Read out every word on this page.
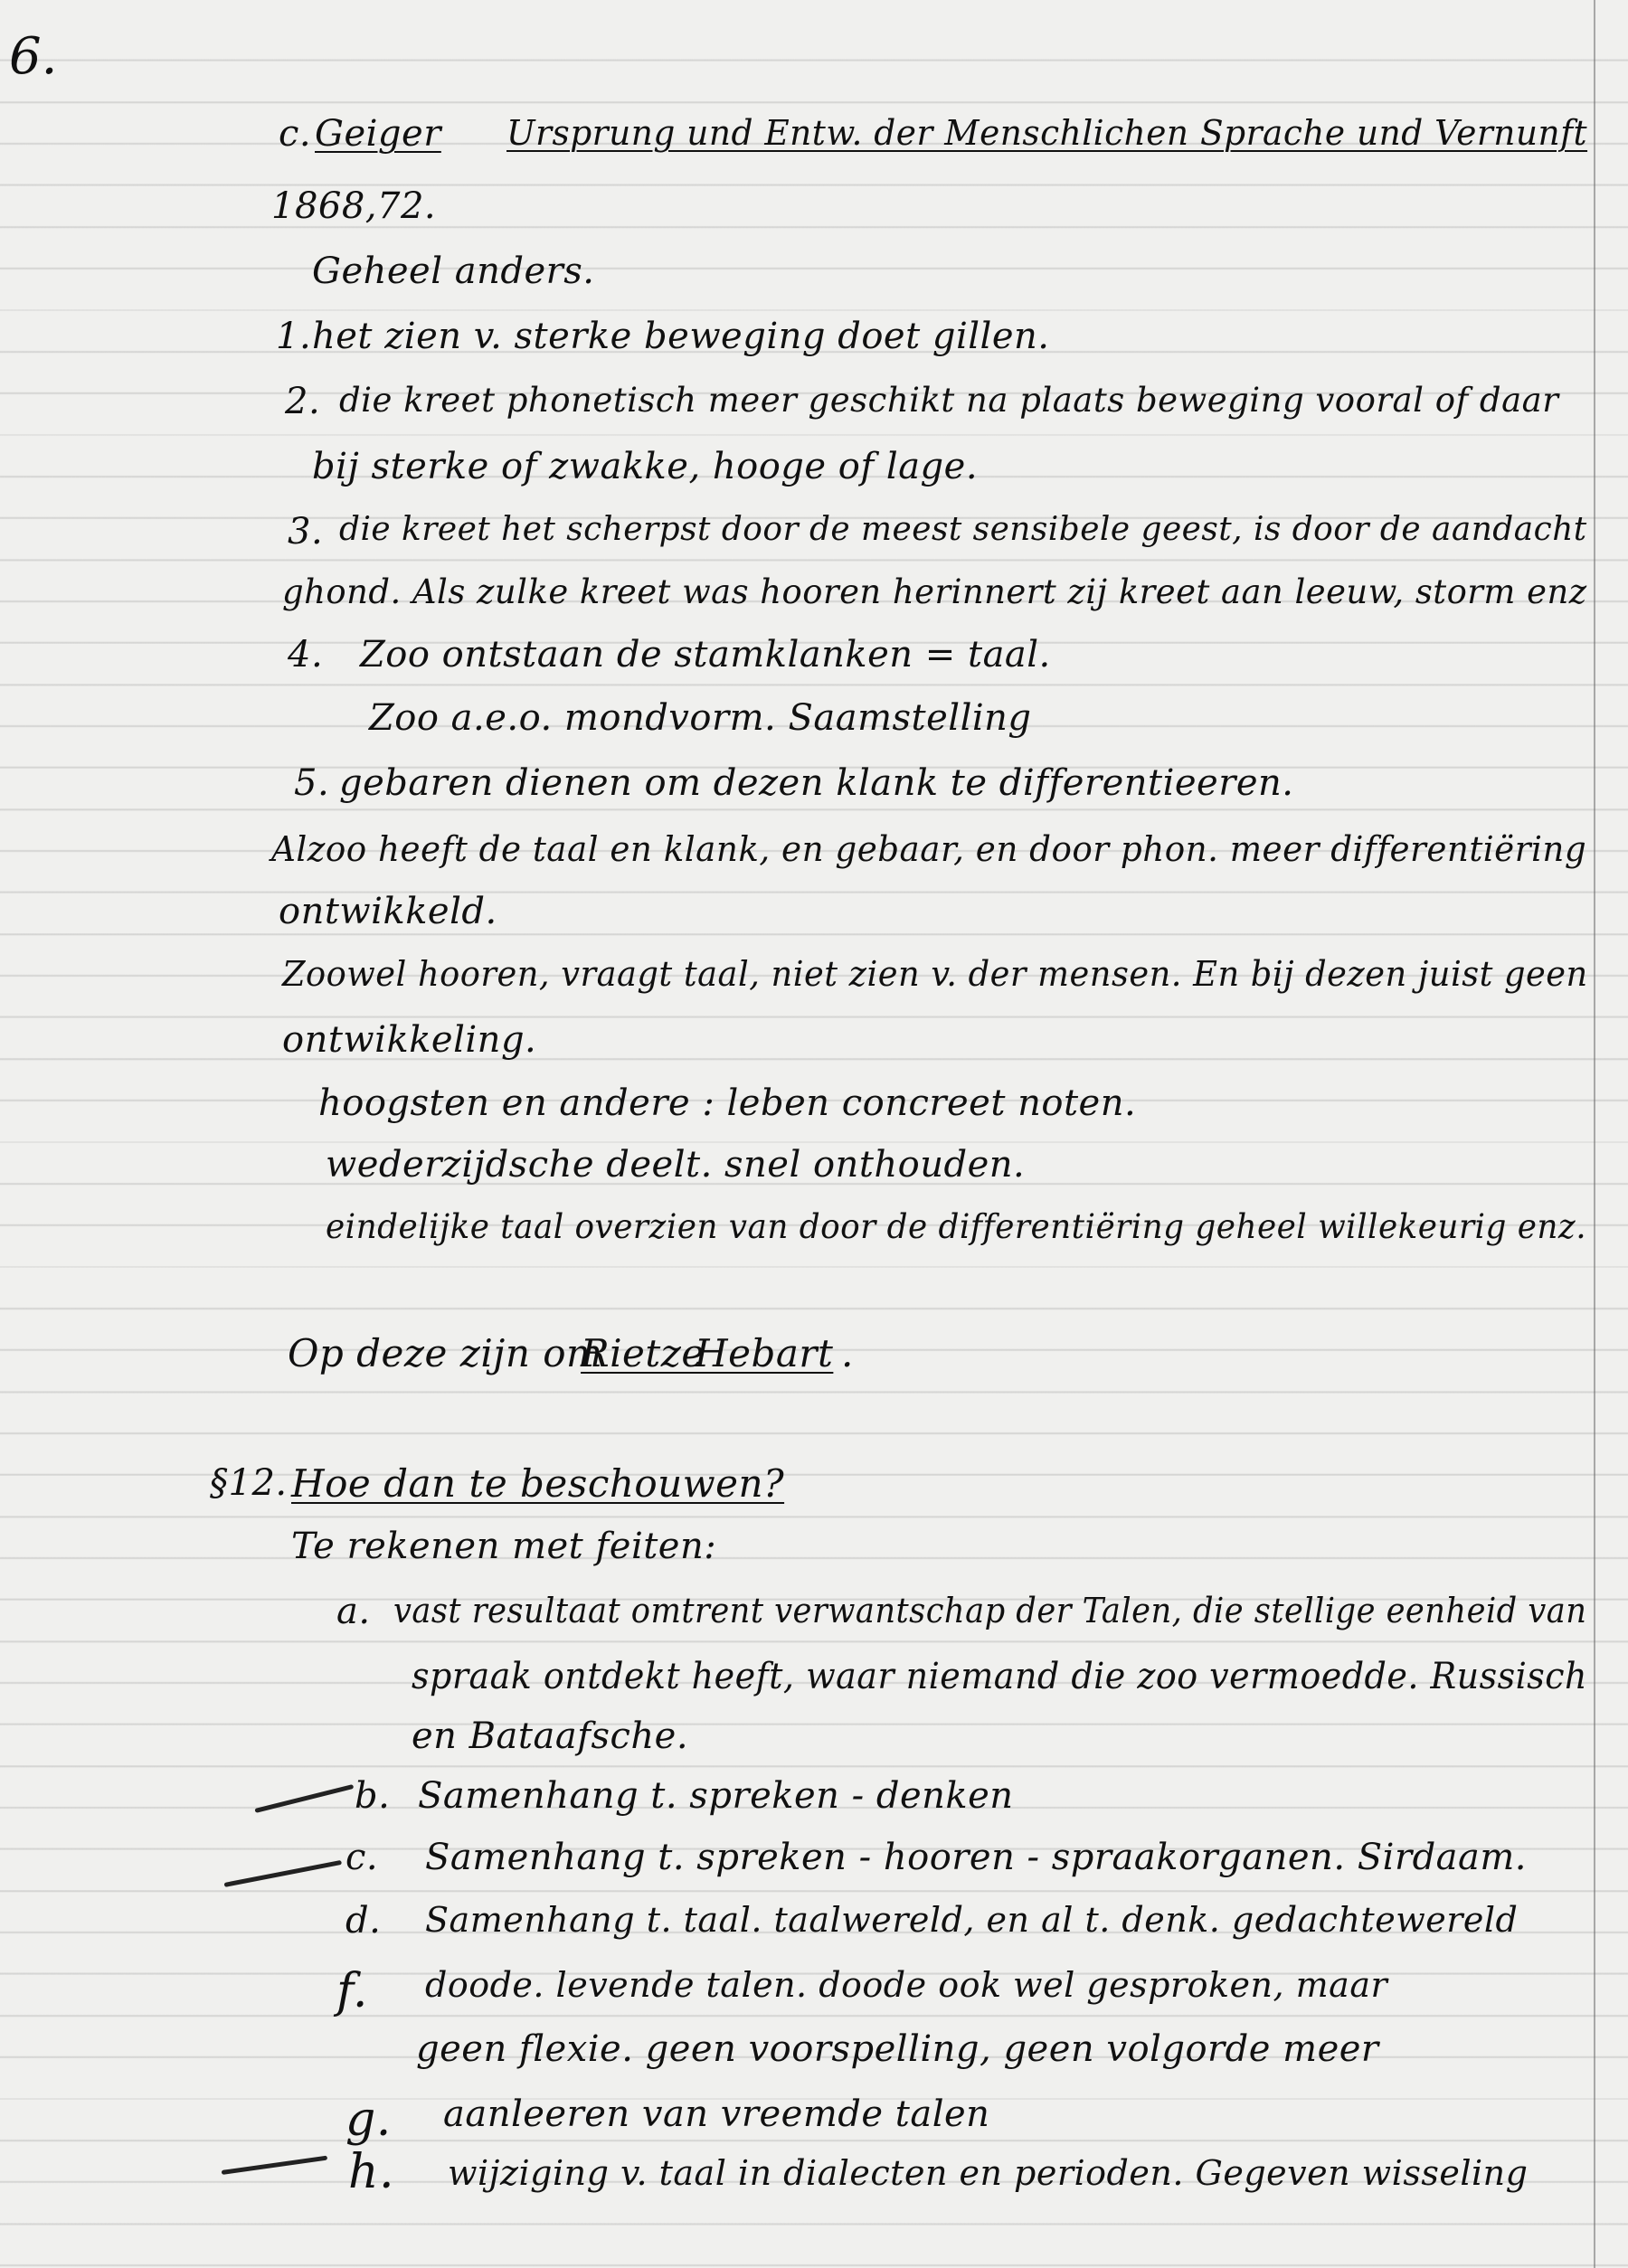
6.
c. Geiger Ursprung und Entw. der Menschlichen Sprache und Vernunft
1868,72.
Geheel anders.
1. het zien v. sterke beweging doet gillen.
2. die kreet phonetisch meer geschikt na plaats beweging vooral of daar
bij sterke of zwakke, hooge of lage.
3. die kreet het scherpst door de meest sensibele geest, is door de aandacht
ghond. Als zulke kreet was hooren herinnert zij kreet aan leeuw, storm enz
4. Zoo ontstaan de stamklanken = taal.
Zoo a.e.o. mondvorm. Saamstelling
5. gebaren dienen om dezen klank te differentieeren.
Alzoo heeft de taal en klank, en gebaar, en door phon. meer differentiëring
ontwikkeld.
Zoowel hooren, vraagt taal, niet zien v. der mensen. En bij dezen juist geen
ontwikkeling.
hoogsten en andere : leben concreet noten.
wederzijdsche deelt. snel onthouden.
eindelijke taal overzien van door de differentiëring geheel willekeurig enz.
Op deze zijn om
Rietze
Hebart .
§12. Hoe dan te beschouwen?
Te rekenen met feiten:
a. vast resultaat omtrent verwantschap der Talen, die stellige eenheid van
spraak ontdekt heeft, waar niemand die zoo vermoedde. Russisch
en Bataafsche.
b. Samenhang t. spreken - denken
c. Samenhang t. spreken - hooren - spraakorganen. Sirdaam.
d. Samenhang t. taal. taalwereld, en al t. denk. gedachtewereld
f. doode. levende talen. doode ook wel gesproken, maar
geen flexie. geen voorspelling, geen volgorde meer
g. aanleeren van vreemde talen
h. wijziging v. taal in dialecten en perioden. Gegeven wisseling
